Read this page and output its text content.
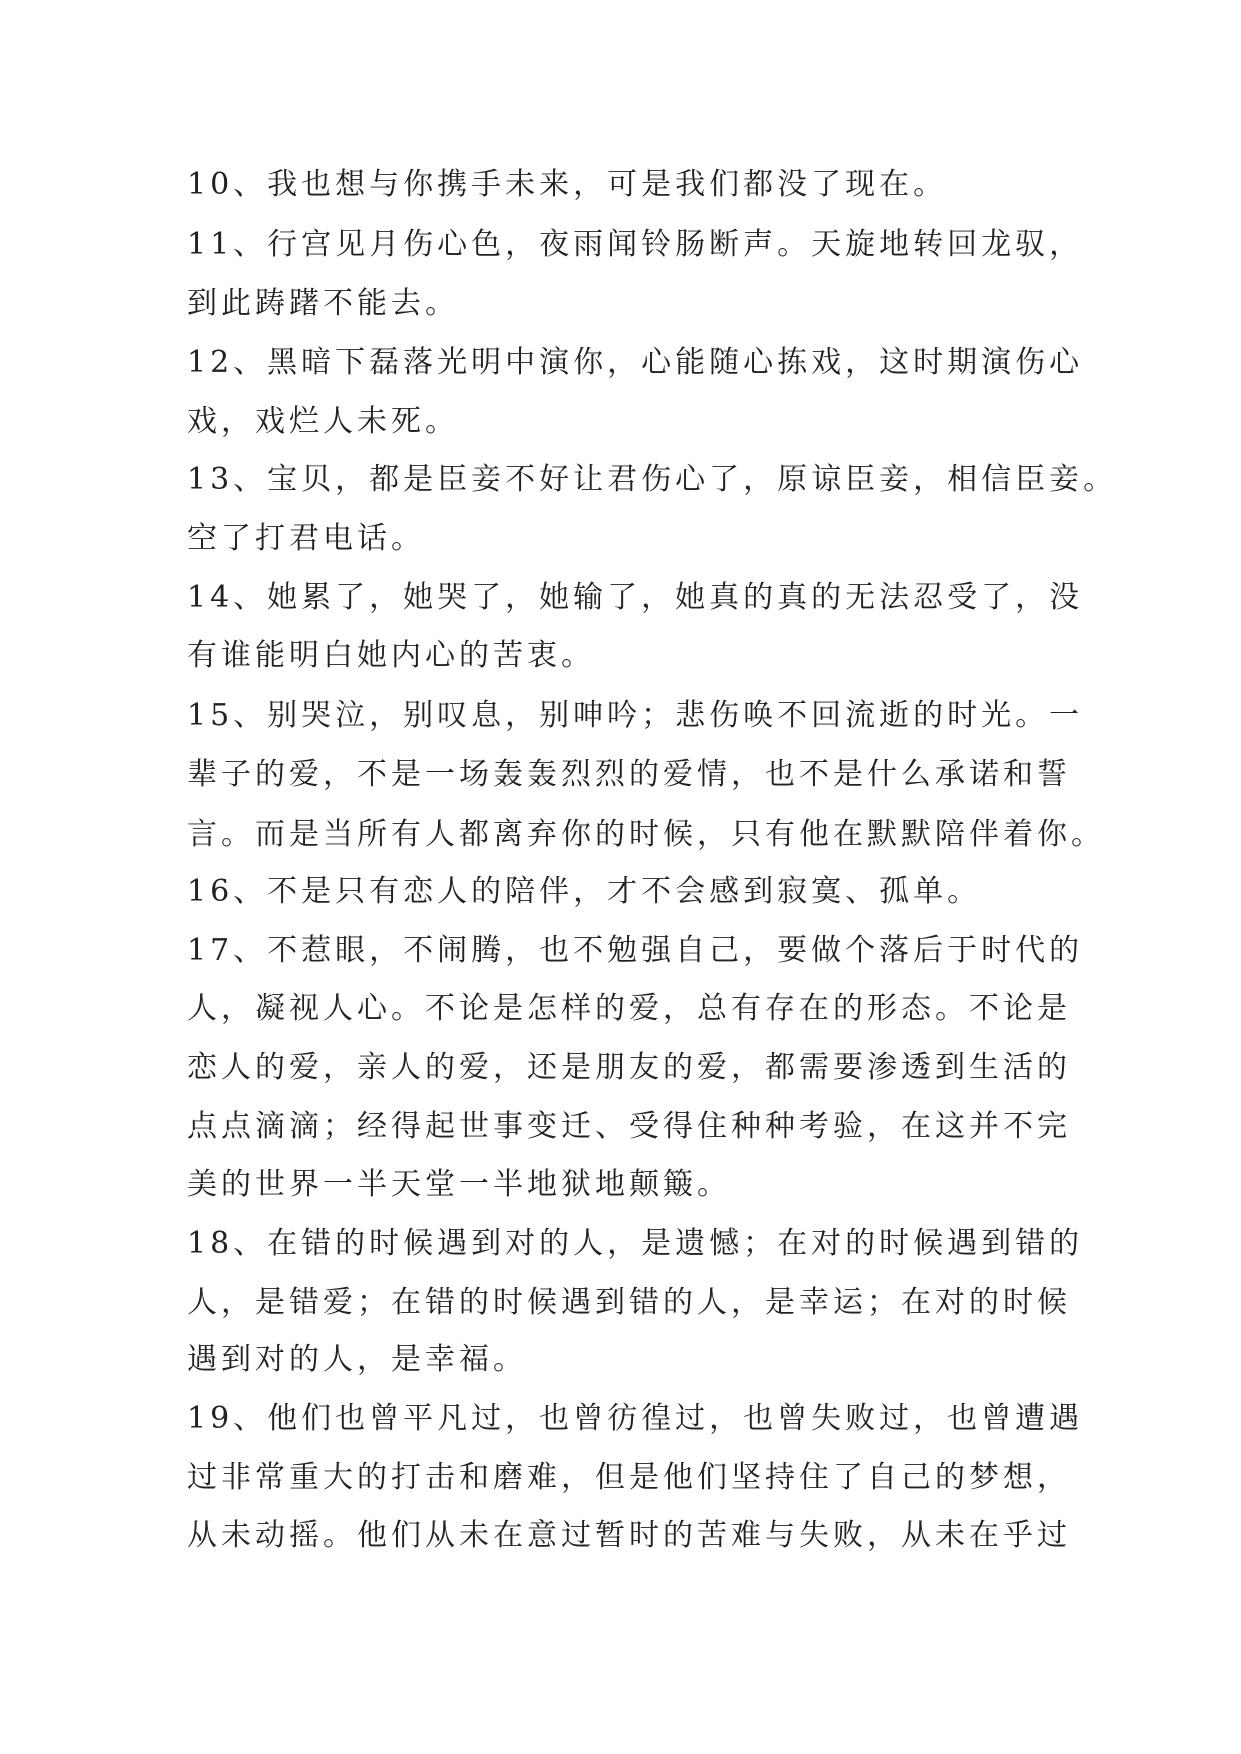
10、我也想与你携手未来，可是我们都没了现在。

11、行宫见月伤心色，夜雨闻铃肠断声。天旋地转回龙驭，

到此踌躇不能去。

12、黑暗下磊落光明中演你，心能随心拣戏，这时期演伤心

戏，戏烂人未死。

13、宝贝，都是臣妾不好让君伤心了，原谅臣妾，相信臣妾。

空了打君电话。

14、她累了，她哭了，她输了，她真的真的无法忍受了，没

有谁能明白她内心的苦衷。

15、别哭泣，别叹息，别呻吟；悲伤唤不回流逝的时光。一

辈子的爱，不是一场轰轰烈烈的爱情，也不是什么承诺和誓

言。而是当所有人都离弃你的时候，只有他在默默陪伴着你。

16、不是只有恋人的陪伴，才不会感到寂寞、孤单。

17、不惹眼，不闹腾，也不勉强自己，要做个落后于时代的

人，凝视人心。不论是怎样的爱，总有存在的形态。不论是

恋人的爱，亲人的爱，还是朋友的爱，都需要渗透到生活的

点点滴滴；经得起世事变迁、受得住种种考验，在这并不完

美的世界一半天堂一半地狱地颠簸。

18、在错的时候遇到对的人，是遗憾；在对的时候遇到错的

人，是错爱；在错的时候遇到错的人，是幸运；在对的时候

遇到对的人，是幸福。

19、他们也曾平凡过，也曾彷徨过，也曾失败过，也曾遭遇

过非常重大的打击和磨难，但是他们坚持住了自己的梦想，

从未动摇。他们从未在意过暂时的苦难与失败，从未在乎过
